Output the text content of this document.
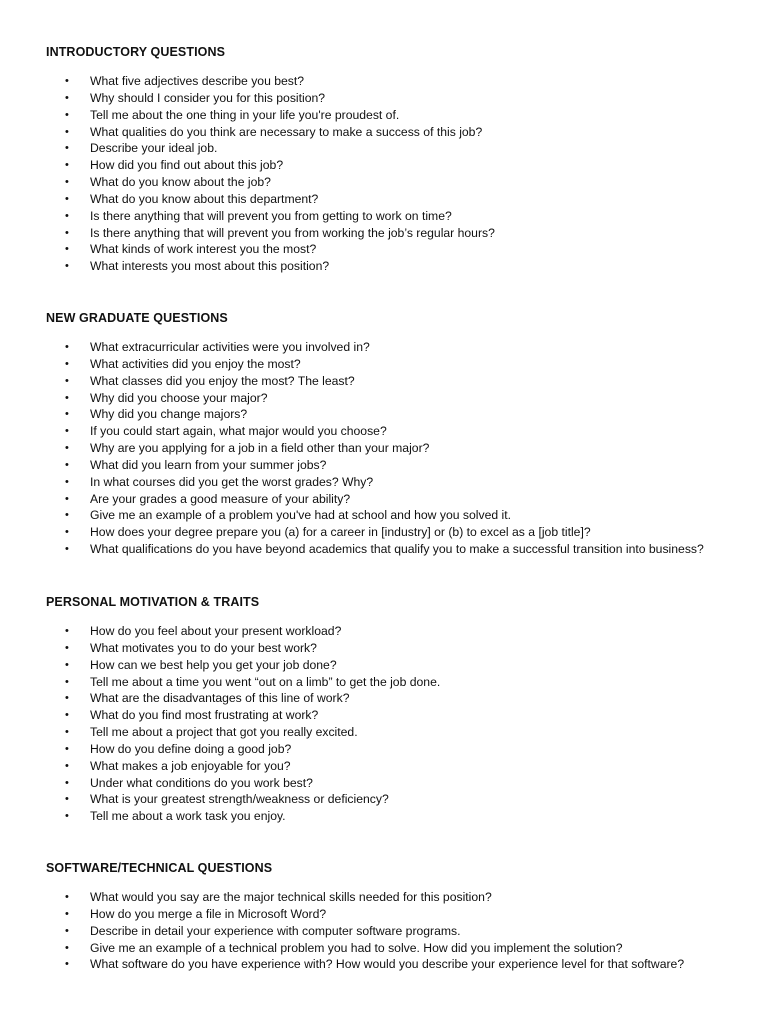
INTRODUCTORY QUESTIONS
• What five adjectives describe you best?
• Why should I consider you for this position?
• Tell me about the one thing in your life you're proudest of.
• What qualities do you think are necessary to make a success of this job?
• Describe your ideal job.
• How did you find out about this job?
• What do you know about the job?
• What do you know about this department?
• Is there anything that will prevent you from getting to work on time?
• Is there anything that will prevent you from working the job’s regular hours?
• What kinds of work interest you the most?
• What interests you most about this position?
NEW GRADUATE QUESTIONS
• What extracurricular activities were you involved in?
• What activities did you enjoy the most?
• What classes did you enjoy the most? The least?
• Why did you choose your major?
• Why did you change majors?
• If you could start again, what major would you choose?
• Why are you applying for a job in a field other than your major?
• What did you learn from your summer jobs?
• In what courses did you get the worst grades? Why?
• Are your grades a good measure of your ability?
• Give me an example of a problem you've had at school and how you solved it.
• How does your degree prepare you (a) for a career in [industry] or (b) to excel as a [job title]?
• What qualifications do you have beyond academics that qualify you to make a successful transition into business?
PERSONAL MOTIVATION & TRAITS
• How do you feel about your present workload?
• What motivates you to do your best work?
• How can we best help you get your job done?
• Tell me about a time you went “out on a limb” to get the job done.
• What are the disadvantages of this line of work?
• What do you find most frustrating at work?
• Tell me about a project that got you really excited.
• How do you define doing a good job?
• What makes a job enjoyable for you?
• Under what conditions do you work best?
• What is your greatest strength/weakness or deficiency?
• Tell me about a work task you enjoy.
SOFTWARE/TECHNICAL QUESTIONS
• What would you say are the major technical skills needed for this position?
• How do you merge a file in Microsoft Word?
• Describe in detail your experience with computer software programs.
• Give me an example of a technical problem you had to solve. How did you implement the solution?
• What software do you have experience with? How would you describe your experience level for that software?
